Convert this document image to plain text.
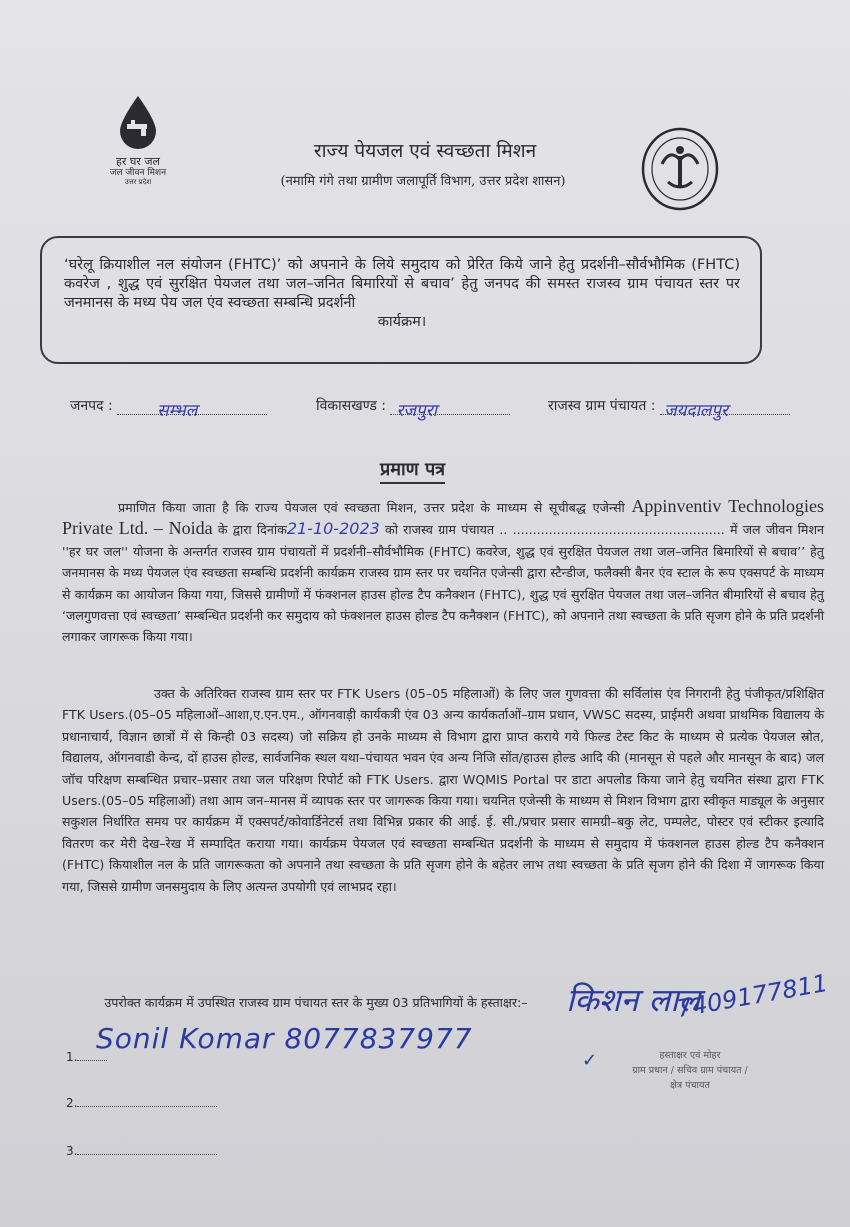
हर घर जल
जल जीवन मिशन
उत्तर प्रदेश
राज्य पेयजल एवं स्वच्छता मिशन
(नमामि गंगे तथा ग्रामीण जलापूर्ति विभाग, उत्तर प्रदेश शासन)
‘घरेलू क्रियाशील नल संयोजन (FHTC)’ को अपनाने के लिये समुदाय को प्रेरित किये जाने हेतु प्रदर्शनी–सौर्वभौमिक (FHTC) कवरेज , शुद्ध एवं सुरक्षित पेयजल तथा जल–जनित बिमारियों से बचाव’ हेतु जनपद की समस्त राजस्व ग्राम पंचायत स्तर पर जनमानस के मध्य पेय जल एंव स्वच्छता सम्बन्धि प्रदर्शनी
कार्यक्रम।
जनपद :	सम्भल	विकासखण्ड : रजपुरा	राजस्व ग्राम पंचायत : जयदालपुर
प्रमाण पत्र
प्रमाणित किया जाता है कि राज्य पेयजल एवं स्वच्छता मिशन, उत्तर प्रदेश के माध्यम से सूचीबद्ध एजेन्सी Appinventiv Technologies Private Ltd. – Noida के द्वारा दिनांक21-10-2023 को राजस्व ग्राम पंचायत .. ..................................................... में जल जीवन मिशन ''हर घर जल'' योजना के अन्तर्गत राजस्व ग्राम पंचायतों में प्रदर्शनी–सौर्वभौमिक (FHTC) कवरेज, शुद्ध एवं सुरक्षित पेयजल तथा जल–जनित बिमारियों से बचाव’’ हेतु जनमानस के मध्य पेयजल एंव स्वच्छता सम्बन्धि प्रदर्शनी कार्यक्रम राजस्व ग्राम स्तर पर चयनित एजेन्सी द्वारा स्टैन्डीज, फलैक्सी बैनर एंव स्टाल के रूप एक्सपर्ट के माध्यम से कार्यक्रम का आयोजन किया गया, जिससे ग्रामीणों में फंक्शनल हाउस होल्ड टैप कनैक्शन (FHTC), शुद्ध एवं सुरक्षित पेयजल तथा जल–जनित बीमारियों से बचाव हेतु ‘जलगुणवत्ता एवं स्वच्छता’ सम्बन्धित प्रदर्शनी कर समुदाय को फंक्शनल हाउस होल्ड टैप कनैक्शन (FHTC), को अपनाने तथा स्वच्छता के प्रति सृजग होने के प्रति प्रदर्शनी लगाकर जागरूक किया गया।
उक्त के अतिरिक्त राजस्व ग्राम स्तर पर FTK Users (05–05 महिलाओं) के लिए जल गुणवत्ता की सर्विलांस एंव निगरानी हेतु पंजीकृत/प्रशिक्षित FTK Users.(05–05 महिलाओं–आशा,ए.एन.एम., ऑगनवाड़ी कार्यकत्री एंव 03 अन्य कार्यकर्ताओं–ग्राम प्रधान, VWSC सदस्य, प्राईमरी अथवा प्राथमिक विद्यालय के प्रधानाचार्य, विज्ञान छात्रों में से किन्ही 03 सदस्य) जो सक्रिय हो उनके माध्यम से विभाग द्वारा प्राप्त कराये गये फिल्ड टेस्ट किट के माध्यम से प्रत्येक पेयजल स्रोत, विद्यालय, ऑगनवाडी केन्द, दों हाउस होल्ड, सार्वजनिक स्थल यथा–पंचायत भवन एंव अन्य निजि सोंत/हाउस होल्ड आदि की (मानसून से पहले और मानसून के बाद) जल जॉच परिक्षण सम्बन्धित प्रचार–प्रसार तथा जल परिक्षण रिपोर्ट को FTK Users. द्वारा WQMIS Portal पर डाटा अपलोड किया जाने हेतु चयनित संस्था द्वारा FTK Users.(05–05 महिलाओं) तथा आम जन–मानस में व्यापक स्तर पर जागरूक किया गया। चयनित एजेन्सी के माध्यम से मिशन विभाग द्वारा स्वीकृत माड्यूल के अनुसार सकुशल निर्धारित समय पर कार्यक्रम में एक्सपर्ट/कोवार्डिनेटर्स तथा विभिन्न प्रकार की आई. ई. सी./प्रचार प्रसार सामग्री–बकु लेट, पम्पलेट, पोस्टर एवं स्टीकर इत्यादि वितरण कर मेरी देख–रेख में सम्पादित कराया गया। कार्यक्रम पेयजल एवं स्वच्छता सम्बन्धित प्रदर्शनी के माध्यम से समुदाय में फंक्शनल हाउस होल्ड टैप कनैक्शन (FHTC) कियाशील नल के प्रति जागरूकता को अपनाने तथा स्वच्छता के प्रति सृजग होने के बहेतर लाभ तथा स्वच्छता के प्रति सृजग होने की दिशा में जागरूक किया गया, जिससे ग्रामीण जनसमुदाय के लिए अत्यन्त उपयोगी एवं लाभप्रद रहा।
उपरोक्त कार्यक्रम में उपस्थित राजस्व ग्राम पंचायत स्तर के मुख्य 03 प्रतिभागियों के हस्ताक्षर:–
Sonil Komar 8077837977
1.
2.
3.
किशन लाल
7409177811
✓	हस्ताक्षर एवं मोहर
ग्राम प्रधान / सचिव ग्राम पंचायत /
क्षेत्र पंचायत
